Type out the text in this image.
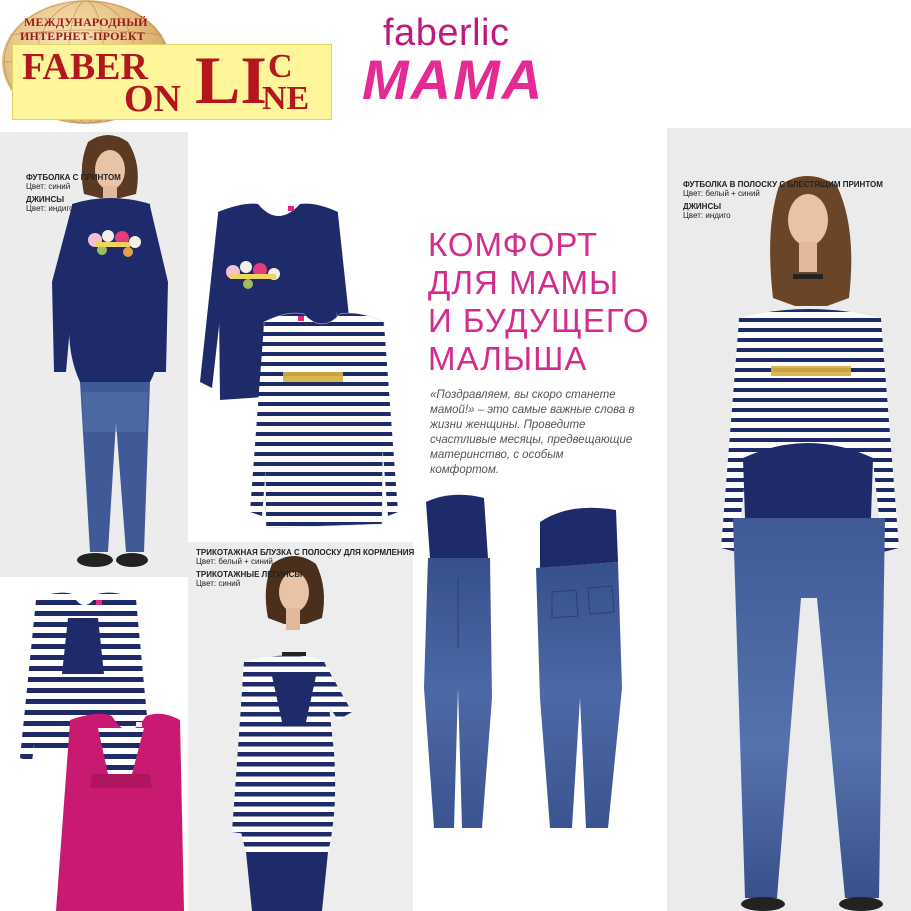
МЕЖДУНАРОДНЫЙ
ИНТЕРНЕТ-ПРОЕКТ
FABER
ON LI C
NE
faberlic
MAMA
ФУТБОЛКА С ПРИНТОМ
Цвет: синий
ДЖИНСЫ
Цвет: индиго
ТРИКОТАЖНАЯ БЛУЗКА С ПОЛОСКУ ДЛЯ КОРМЛЕНИЯ
Цвет: белый + синий
ТРИКОТАЖНЫЕ ЛЕГИНСЫ
Цвет: синий
КОМФОРТ
ДЛЯ МАМЫ
И БУДУЩЕГО
МАЛЫША
«Поздравляем, вы скоро станете мамой!» – это самые важные слова в жизни женщины. Проведите счастливые месяцы, предвещающие материнство, с особым комфортом.
ФУТБОЛКА В ПОЛОСКУ С БЛЕСТЯЩИМ ПРИНТОМ
Цвет: белый + синий
ДЖИНСЫ
Цвет: индиго
